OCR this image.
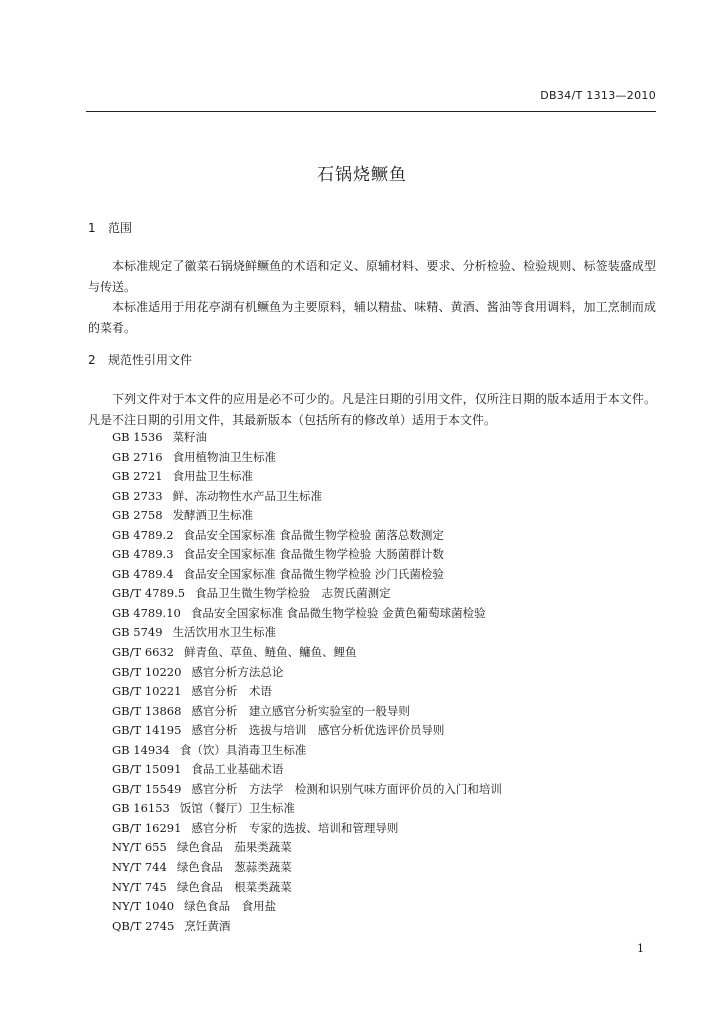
DB34/T 1313—2010
石锅烧鳜鱼
1 范围

本标准规定了徽菜石锅烧鲜鳜鱼的术语和定义、原辅材料、要求、分析检验、检验规则、标签装盛成型与传送。

本标准适用于用花亭湖有机鳜鱼为主要原料，辅以精盐、味精、黄酒、酱油等食用调料，加工烹制而成的菜肴。

2 规范性引用文件

下列文件对于本文件的应用是必不可少的。凡是注日期的引用文件，仅所注日期的版本适用于本文件。凡是不注日期的引用文件，其最新版本（包括所有的修改单）适用于本文件。

GB 1536 菜籽油
GB 2716 食用植物油卫生标准
GB 2721 食用盐卫生标准
GB 2733 鲜、冻动物性水产品卫生标准
GB 2758 发酵酒卫生标准
GB 4789.2 食品安全国家标准 食品微生物学检验 菌落总数测定
GB 4789.3 食品安全国家标准 食品微生物学检验 大肠菌群计数
GB 4789.4 食品安全国家标准 食品微生物学检验 沙门氏菌检验
GB/T 4789.5 食品卫生微生物学检验　志贺氏菌测定
GB 4789.10 食品安全国家标准 食品微生物学检验 金黄色葡萄球菌检验
GB 5749 生活饮用水卫生标准
GB/T 6632 鲜青鱼、草鱼、鲢鱼、鳙鱼、鲤鱼
GB/T 10220 感官分析方法总论
GB/T 10221 感官分析　术语
GB/T 13868 感官分析　建立感官分析实验室的一般导则
GB/T 14195 感官分析　选拔与培训　感官分析优选评价员导则
GB 14934 食（饮）具消毒卫生标准
GB/T 15091 食品工业基础术语
GB/T 15549 感官分析　方法学　检测和识别气味方面评价员的入门和培训
GB 16153 饭馆（餐厅）卫生标准
GB/T 16291 感官分析　专家的选拔、培训和管理导则
NY/T 655 绿色食品　茄果类蔬菜
NY/T 744 绿色食品　葱蒜类蔬菜
NY/T 745 绿色食品　根菜类蔬菜
NY/T 1040 绿色食品　食用盐
QB/T 2745 烹饪黄酒
1
